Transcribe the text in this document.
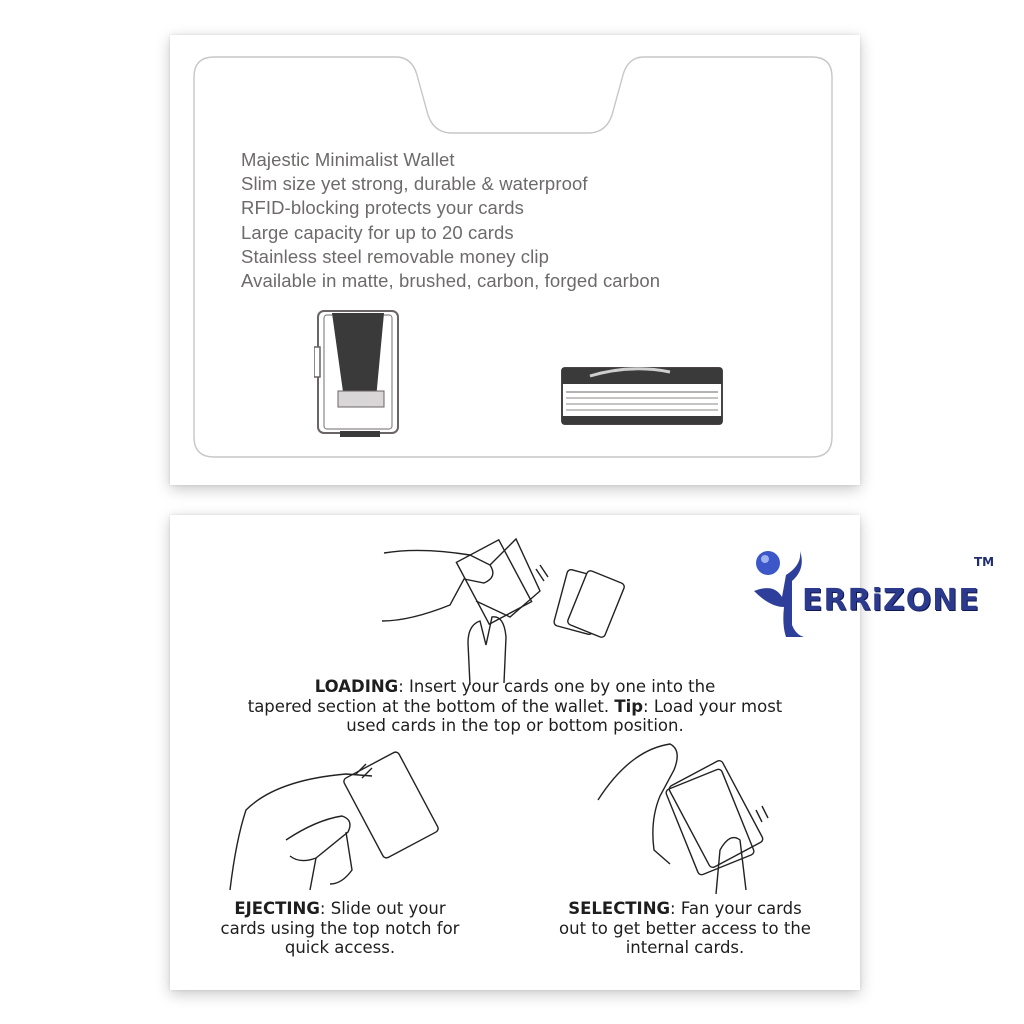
Majestic Minimalist Wallet
Slim size yet strong, durable & waterproof
RFID-blocking protects your cards
Large capacity for up to 20 cards
Stainless steel removable money clip
Available in matte, brushed, carbon, forged carbon
LOADING: Insert your cards one by one into the
tapered section at the bottom of the wallet. Tip: Load your most
used cards in the top or bottom position.
EJECTING: Slide out your
cards using the top notch for
quick access.
SELECTING: Fan your cards
out to get better access to the
internal cards.
ERRiZONE
TM
